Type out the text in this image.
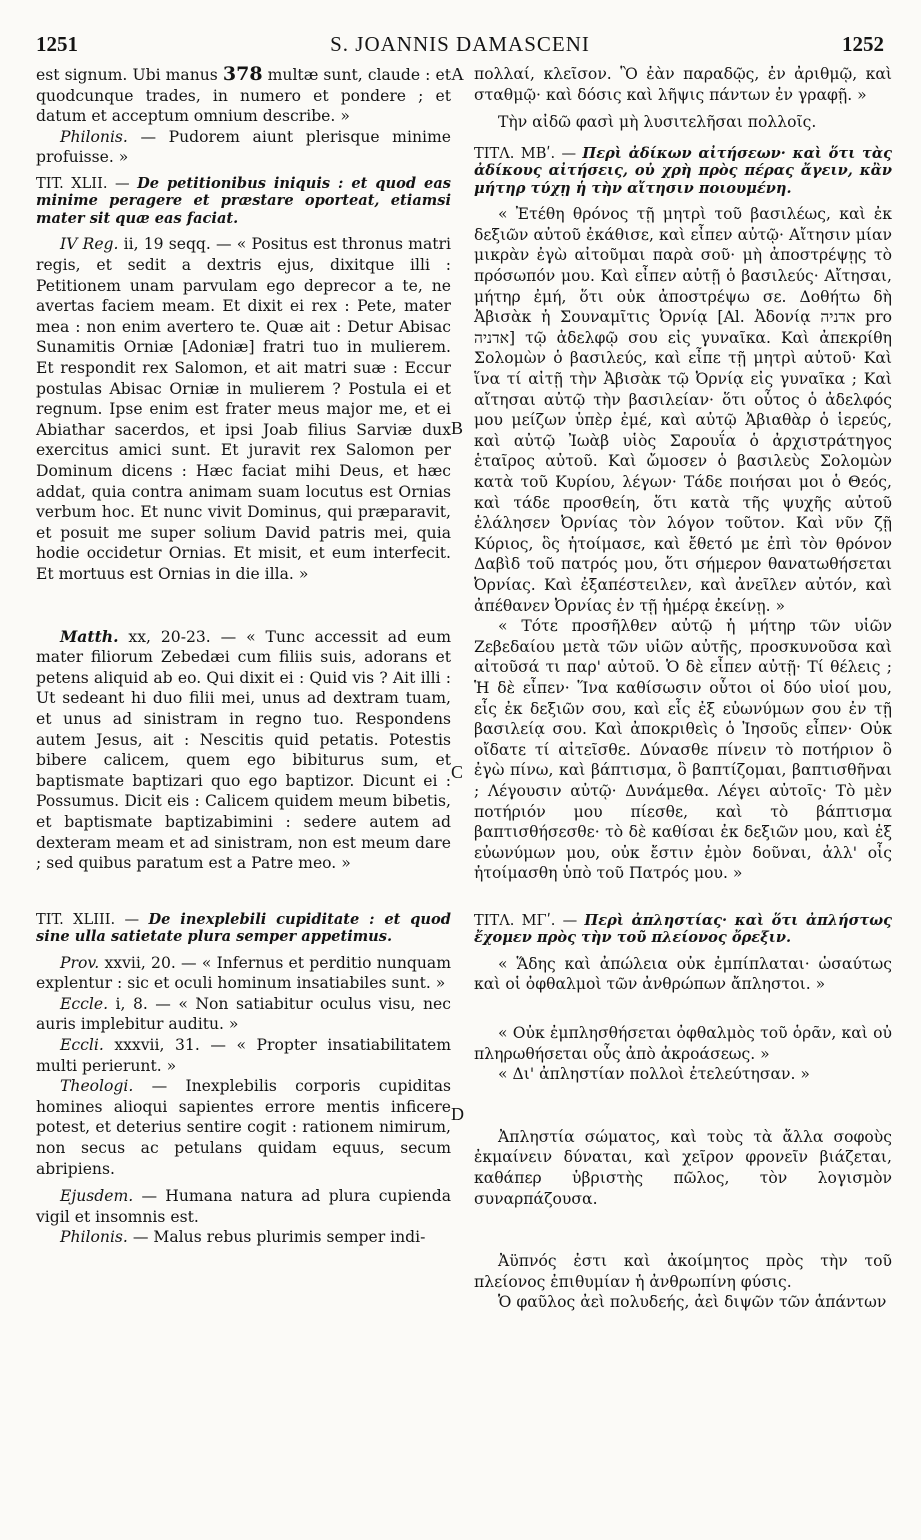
1251	S. JOANNIS DAMASCENI	1252
A
B
C
D

est signum. Ubi manus 378 multæ sunt, claude : et quodcunque trades, in numero et pondere ; et datum et acceptum omnium describe. »

Philonis. — Pudorem aiunt plerisque minime profuisse. »

TIT. XLII. — De petitionibus iniquis : et quod eas minime peragere et præstare oporteat, etiamsi mater sit quæ eas faciat.

IV Reg. ii, 19 seqq. — « Positus est thronus matri regis, et sedit a dextris ejus, dixitque illi : Petitionem unam parvulam ego deprecor a te, ne avertas faciem meam. Et dixit ei rex : Pete, mater mea : non enim avertero te. Quæ ait : Detur Abisac Sunamitis Orniæ [Adoniæ] fratri tuo in mulierem. Et respondit rex Salomon, et ait matri suæ : Eccur postulas Abisac Orniæ in mulierem ? Postula ei et regnum. Ipse enim est frater meus major me, et ei Abiathar sacerdos, et ipsi Joab filius Sarviæ dux exercitus amici sunt. Et juravit rex Salomon per Dominum dicens : Hæc faciat mihi Deus, et hæc addat, quia contra animam suam locutus est Ornias verbum hoc. Et nunc vivit Dominus, qui præparavit, et posuit me super solium David patris mei, quia hodie occidetur Ornias. Et misit, et eum interfecit. Et mortuus est Ornias in die illa. »

Matth. xx, 20-23. — « Tunc accessit ad eum mater filiorum Zebedæi cum filiis suis, adorans et petens aliquid ab eo. Qui dixit ei : Quid vis ? Ait illi : Ut sedeant hi duo filii mei, unus ad dextram tuam, et unus ad sinistram in regno tuo. Respondens autem Jesus, ait : Nescitis quid petatis. Potestis bibere calicem, quem ego bibiturus sum, et baptismate baptizari quo ego baptizor. Dicunt ei : Possumus. Dicit eis : Calicem quidem meum bibetis, et baptismate baptizabimini : sedere autem ad dexteram meam et ad sinistram, non est meum dare ; sed quibus paratum est a Patre meo. »

TIT. XLIII. — De inexplebili cupiditate : et quod sine ulla satietate plura semper appetimus.

Prov. xxvii, 20. — « Infernus et perditio nunquam explentur : sic et oculi hominum insatiabiles sunt. »

Eccle. i, 8. — « Non satiabitur oculus visu, nec auris implebitur auditu. »

Eccli. xxxvii, 31. — « Propter insatiabilitatem multi perierunt. »

Theologi. — Inexplebilis corporis cupiditas homines alioqui sapientes errore mentis inficere potest, et deterius sentire cogit : rationem nimirum, non secus ac petulans quidam equus, secum abripiens.

Ejusdem. — Humana natura ad plura cupienda vigil et insomnis est.

Philonis. — Malus rebus plurimis semper indi-

πολλαί, κλεῖσον. Ὃ ἐὰν παραδῷς, ἐν ἀριθμῷ, καὶ σταθμῷ· καὶ δόσις καὶ λῆψις πάντων ἐν γραφῇ. »

Τὴν αἰδῶ φασὶ μὴ λυσιτελῆσαι πολλοῖς.

ΤΙΤΛ. ΜΒʹ. — Περὶ ἀδίκων αἰτήσεων· καὶ ὅτι τὰς ἀδίκους αἰτήσεις, οὐ χρὴ πρὸς πέρας ἄγειν, κἂν μήτηρ τύχῃ ἡ τὴν αἴτησιν ποιουμένη.

« Ἐτέθη θρόνος τῇ μητρὶ τοῦ βασιλέως, καὶ ἐκ δεξιῶν αὐτοῦ ἐκάθισε, καὶ εἶπεν αὐτῷ· Αἴτησιν μίαν μικρὰν ἐγὼ αἰτοῦμαι παρὰ σοῦ· μὴ ἀποστρέψῃς τὸ πρόσωπόν μου. Καὶ εἶπεν αὐτῇ ὁ βασιλεύς· Αἴτησαι, μήτηρ ἐμή, ὅτι οὐκ ἀποστρέψω σε. Δοθήτω δὴ Ἀβισὰκ ἡ Σουναμῖτις Ὀρνίᾳ [Al. Ἀδονίᾳ אדניה pro אדניה] τῷ ἀδελφῷ σου εἰς γυναῖκα. Καὶ ἀπεκρίθη Σολομὼν ὁ βασιλεύς, καὶ εἶπε τῇ μητρὶ αὐτοῦ· Καὶ ἵνα τί αἰτῇ τὴν Ἀβισὰκ τῷ Ὀρνίᾳ εἰς γυναῖκα ; Καὶ αἴτησαι αὐτῷ τὴν βασιλείαν· ὅτι οὗτος ὁ ἀδελφός μου μείζων ὑπὲρ ἐμέ, καὶ αὐτῷ Ἀβιαθὰρ ὁ ἱερεύς, καὶ αὐτῷ Ἰωὰβ υἱὸς Σαρουΐα ὁ ἀρχιστράτηγος ἑταῖρος αὐτοῦ. Καὶ ὤμοσεν ὁ βασιλεὺς Σολομὼν κατὰ τοῦ Κυρίου, λέγων· Τάδε ποιήσαι μοι ὁ Θεός, καὶ τάδε προσθείη, ὅτι κατὰ τῆς ψυχῆς αὐτοῦ ἐλάλησεν Ὀρνίας τὸν λόγον τοῦτον. Καὶ νῦν ζῇ Κύριος, ὃς ἡτοίμασε, καὶ ἔθετό με ἐπὶ τὸν θρόνον Δαβὶδ τοῦ πατρός μου, ὅτι σήμερον θανατωθήσεται Ὀρνίας. Καὶ ἐξαπέστειλεν, καὶ ἀνεῖλεν αὐτόν, καὶ ἀπέθανεν Ὀρνίας ἐν τῇ ἡμέρᾳ ἐκείνῃ. »

« Τότε προσῆλθεν αὐτῷ ἡ μήτηρ τῶν υἱῶν Ζεβεδαίου μετὰ τῶν υἱῶν αὐτῆς, προσκυνοῦσα καὶ αἰτοῦσά τι παρ' αὐτοῦ. Ὁ δὲ εἶπεν αὐτῇ· Τί θέλεις ; Ἡ δὲ εἶπεν· Ἵνα καθίσωσιν οὗτοι οἱ δύο υἱοί μου, εἷς ἐκ δεξιῶν σου, καὶ εἷς ἐξ εὐωνύμων σου ἐν τῇ βασιλείᾳ σου. Καὶ ἀποκριθεὶς ὁ Ἰησοῦς εἶπεν· Οὐκ οἴδατε τί αἰτεῖσθε. Δύνασθε πίνειν τὸ ποτήριον ὃ ἐγὼ πίνω, καὶ βάπτισμα, ὃ βαπτίζομαι, βαπτισθῆναι ; Λέγουσιν αὐτῷ· Δυνάμεθα. Λέγει αὐτοῖς· Τὸ μὲν ποτήριόν μου πίεσθε, καὶ τὸ βάπτισμα βαπτισθήσεσθε· τὸ δὲ καθίσαι ἐκ δεξιῶν μου, καὶ ἐξ εὐωνύμων μου, οὐκ ἔστιν ἐμὸν δοῦναι, ἀλλ' οἷς ἡτοίμασθη ὑπὸ τοῦ Πατρός μου. »

ΤΙΤΛ. ΜΓʹ. — Περὶ ἀπληστίας· καὶ ὅτι ἀπλήστως ἔχομεν πρὸς τὴν τοῦ πλείονος ὄρεξιν.

« Ἅδης καὶ ἀπώλεια οὐκ ἐμπίπλαται· ὡσαύτως καὶ οἱ ὀφθαλμοὶ τῶν ἀνθρώπων ἄπληστοι. »

« Οὐκ ἐμπλησθήσεται ὀφθαλμὸς τοῦ ὁρᾶν, καὶ οὐ πληρωθήσεται οὖς ἀπὸ ἀκροάσεως. »

« Δι' ἀπληστίαν πολλοὶ ἐτελεύτησαν. »

Ἀπληστία σώματος, καὶ τοὺς τὰ ἄλλα σοφοὺς ἐκμαίνειν δύναται, καὶ χεῖρον φρονεῖν βιάζεται, καθάπερ ὑβριστὴς πῶλος, τὸν λογισμὸν συναρπάζουσα.

Ἀϋπνός ἐστι καὶ ἀκοίμητος πρὸς τὴν τοῦ πλείονος ἐπιθυμίαν ἡ ἀνθρωπίνη φύσις.

Ὁ φαῦλος ἀεὶ πολυδεής, ἀεὶ διψῶν τῶν ἁπάντων
